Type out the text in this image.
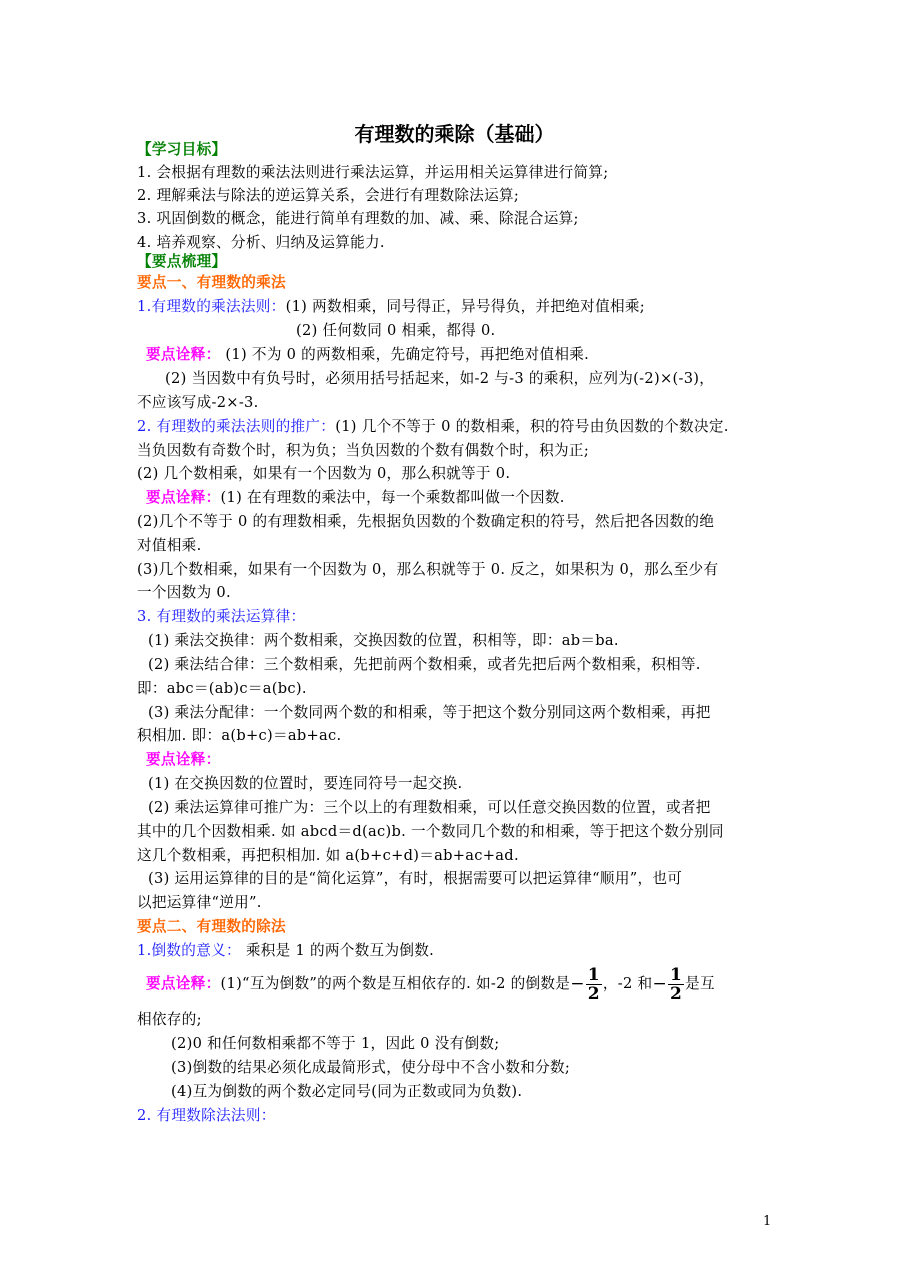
有理数的乘除（基础）
【学习目标】
1. 会根据有理数的乘法法则进行乘法运算，并运用相关运算律进行简算;
2. 理解乘法与除法的逆运算关系，会进行有理数除法运算;
3. 巩固倒数的概念，能进行简单有理数的加、减、乘、除混合运算;
4. 培养观察、分析、归纳及运算能力.
【要点梳理】
要点一、有理数的乘法
1.有理数的乘法法则：(1) 两数相乘，同号得正，异号得负，并把绝对值相乘;
(2) 任何数同 0 相乘，都得 0.
要点诠释： (1) 不为 0 的两数相乘，先确定符号，再把绝对值相乘.
(2) 当因数中有负号时，必须用括号括起来，如-2 与-3 的乘积，应列为(-2)×(-3)，
不应该写成-2×-3.
2. 有理数的乘法法则的推广：(1) 几个不等于 0 的数相乘，积的符号由负因数的个数决定.
当负因数有奇数个时，积为负；当负因数的个数有偶数个时，积为正;
(2) 几个数相乘，如果有一个因数为 0，那么积就等于 0.
要点诠释：(1) 在有理数的乘法中，每一个乘数都叫做一个因数.
(2)几个不等于 0 的有理数相乘，先根据负因数的个数确定积的符号，然后把各因数的绝
对值相乘.
(3)几个数相乘，如果有一个因数为 0，那么积就等于 0. 反之，如果积为 0，那么至少有
一个因数为 0.
3. 有理数的乘法运算律：
(1) 乘法交换律：两个数相乘，交换因数的位置，积相等，即：ab＝ba.
(2) 乘法结合律：三个数相乘，先把前两个数相乘，或者先把后两个数相乘，积相等.
即：abc＝(ab)c＝a(bc).
(3) 乘法分配律：一个数同两个数的和相乘，等于把这个数分别同这两个数相乘，再把
积相加. 即：a(b+c)＝ab+ac.
要点诠释：
(1) 在交换因数的位置时，要连同符号一起交换.
(2) 乘法运算律可推广为：三个以上的有理数相乘，可以任意交换因数的位置，或者把
其中的几个因数相乘. 如 abcd＝d(ac)b. 一个数同几个数的和相乘，等于把这个数分别同
这几个数相乘，再把积相加. 如 a(b+c+d)＝ab+ac+ad.
(3) 运用运算律的目的是“简化运算”，有时，根据需要可以把运算律“顺用”，也可
以把运算律“逆用”.
要点二、有理数的除法
1.倒数的意义： 乘积是 1 的两个数互为倒数.
要点诠释：(1)“互为倒数”的两个数是互相依存的. 如-2 的倒数是− $\frac{1}{2}$ ，-2 和− $\frac{1}{2}$ 是互
相依存的;
(2)0 和任何数相乘都不等于 1，因此 0 没有倒数;
(3)倒数的结果必须化成最简形式，使分母中不含小数和分数;
(4)互为倒数的两个数必定同号(同为正数或同为负数).
2. 有理数除法法则：
1
